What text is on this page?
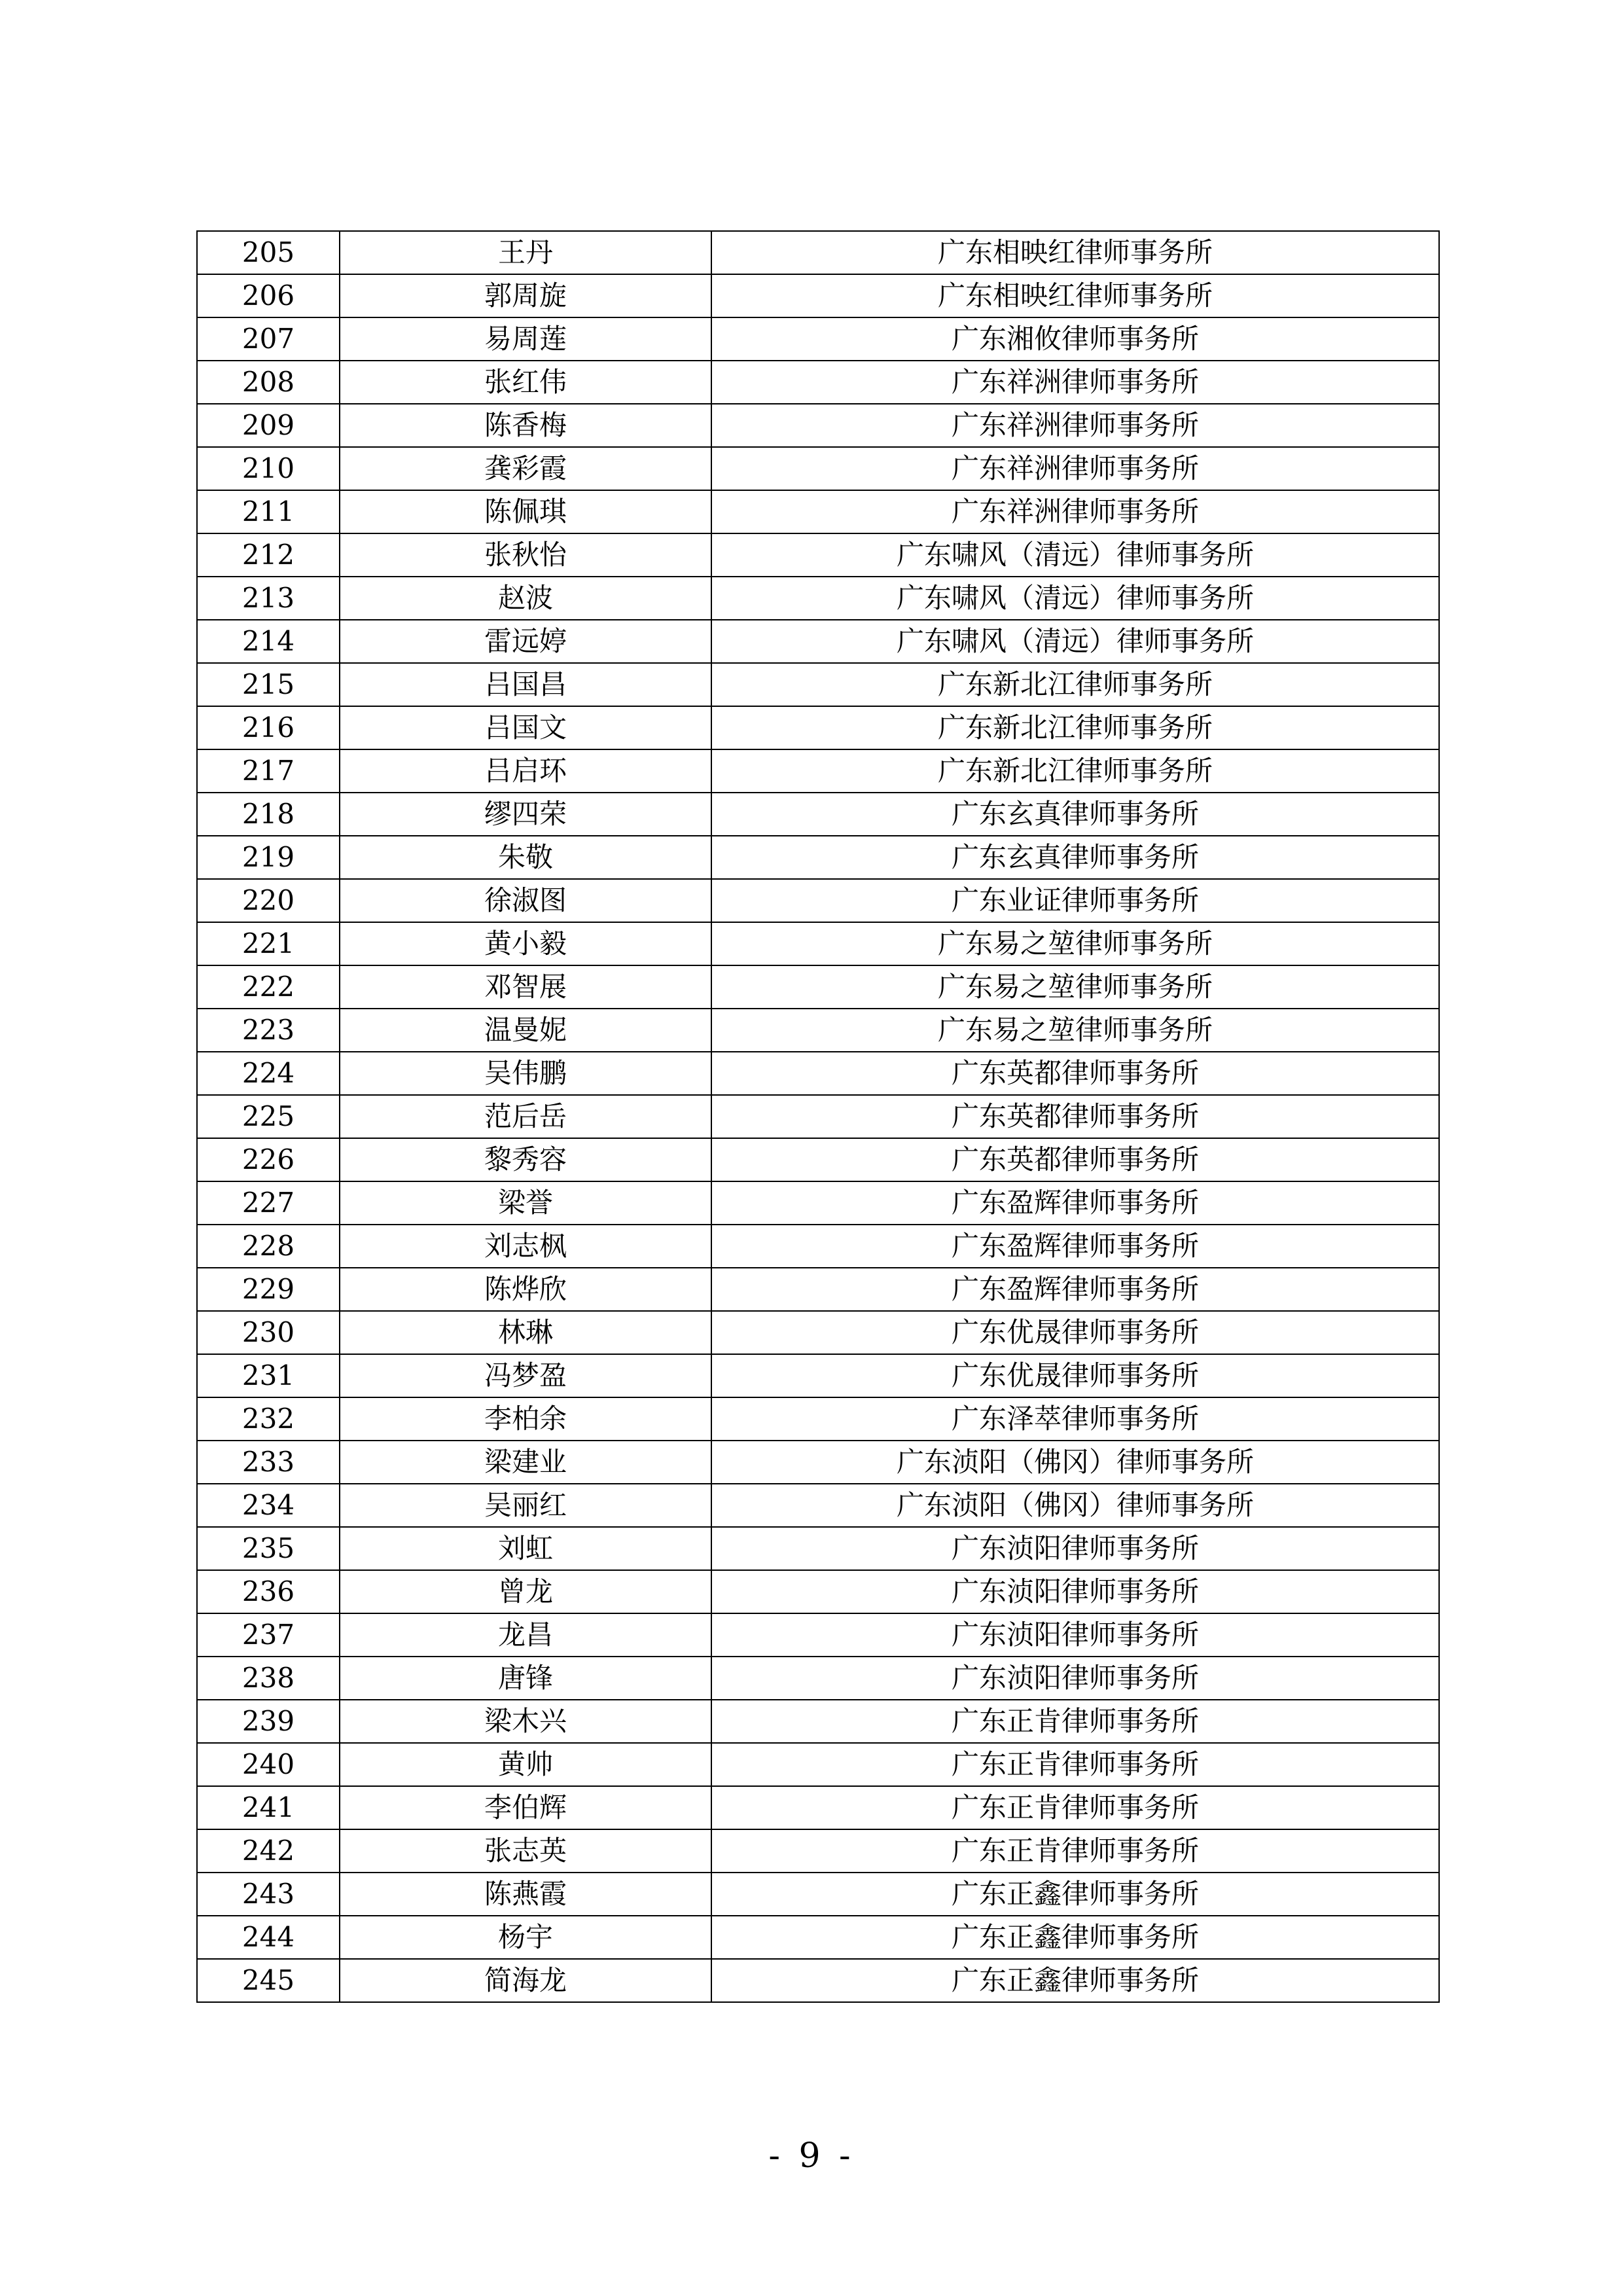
205	王丹	广东相映红律师事务所
206	郭周旋	广东相映红律师事务所
207	易周莲	广东湘攸律师事务所
208	张红伟	广东祥洲律师事务所
209	陈香梅	广东祥洲律师事务所
210	龚彩霞	广东祥洲律师事务所
211	陈佩琪	广东祥洲律师事务所
212	张秋怡	广东啸风（清远）律师事务所
213	赵波	广东啸风（清远）律师事务所
214	雷远婷	广东啸风（清远）律师事务所
215	吕国昌	广东新北江律师事务所
216	吕国文	广东新北江律师事务所
217	吕启环	广东新北江律师事务所
218	缪四荣	广东玄真律师事务所
219	朱敬	广东玄真律师事务所
220	徐淑图	广东业证律师事务所
221	黄小毅	广东易之堃律师事务所
222	邓智展	广东易之堃律师事务所
223	温曼妮	广东易之堃律师事务所
224	吴伟鹏	广东英都律师事务所
225	范后岳	广东英都律师事务所
226	黎秀容	广东英都律师事务所
227	梁誉	广东盈辉律师事务所
228	刘志枫	广东盈辉律师事务所
229	陈烨欣	广东盈辉律师事务所
230	林琳	广东优晟律师事务所
231	冯梦盈	广东优晟律师事务所
232	李柏余	广东泽萃律师事务所
233	梁建业	广东浈阳（佛冈）律师事务所
234	吴丽红	广东浈阳（佛冈）律师事务所
235	刘虹	广东浈阳律师事务所
236	曾龙	广东浈阳律师事务所
237	龙昌	广东浈阳律师事务所
238	唐锋	广东浈阳律师事务所
239	梁木兴	广东正肯律师事务所
240	黄帅	广东正肯律师事务所
241	李伯辉	广东正肯律师事务所
242	张志英	广东正肯律师事务所
243	陈燕霞	广东正鑫律师事务所
244	杨宇	广东正鑫律师事务所
245	简海龙	广东正鑫律师事务所
- 9 -
